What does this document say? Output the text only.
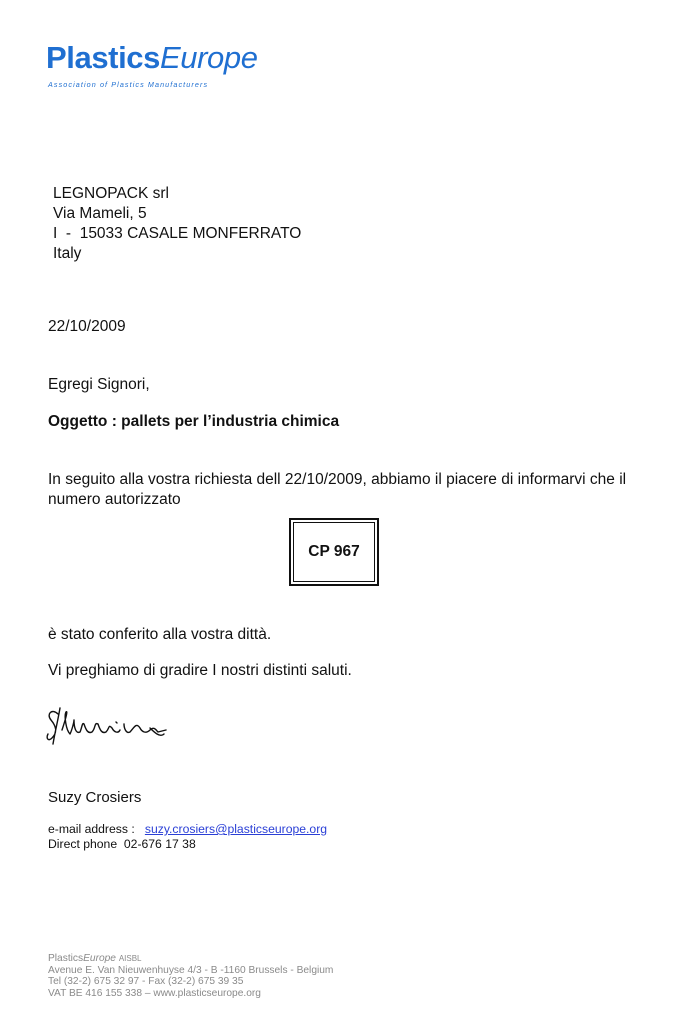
PlasticsEurope
Association of Plastics Manufacturers
LEGNOPACK srl
Via Mameli, 5
I  -  15033 CASALE MONFERRATO
Italy
22/10/2009
Egregi Signori,
Oggetto : pallets per l’industria chimica
In seguito alla vostra richiesta dell 22/10/2009, abbiamo il piacere di informarvi che il numero autorizzato
CP 967
è stato conferito alla vostra dittà.
Vi preghiamo di gradire I nostri distinti saluti.
Suzy Crosiers
e-mail address : suzy.crosiers@plasticseurope.org
Direct phone 02-676 17 38
PlasticsEurope AISBL
Avenue E. Van Nieuwenhuyse 4/3 - B -1160 Brussels - Belgium
Tel (32-2) 675 32 97 - Fax (32-2) 675 39 35
VAT BE 416 155 338 – www.plasticseurope.org
